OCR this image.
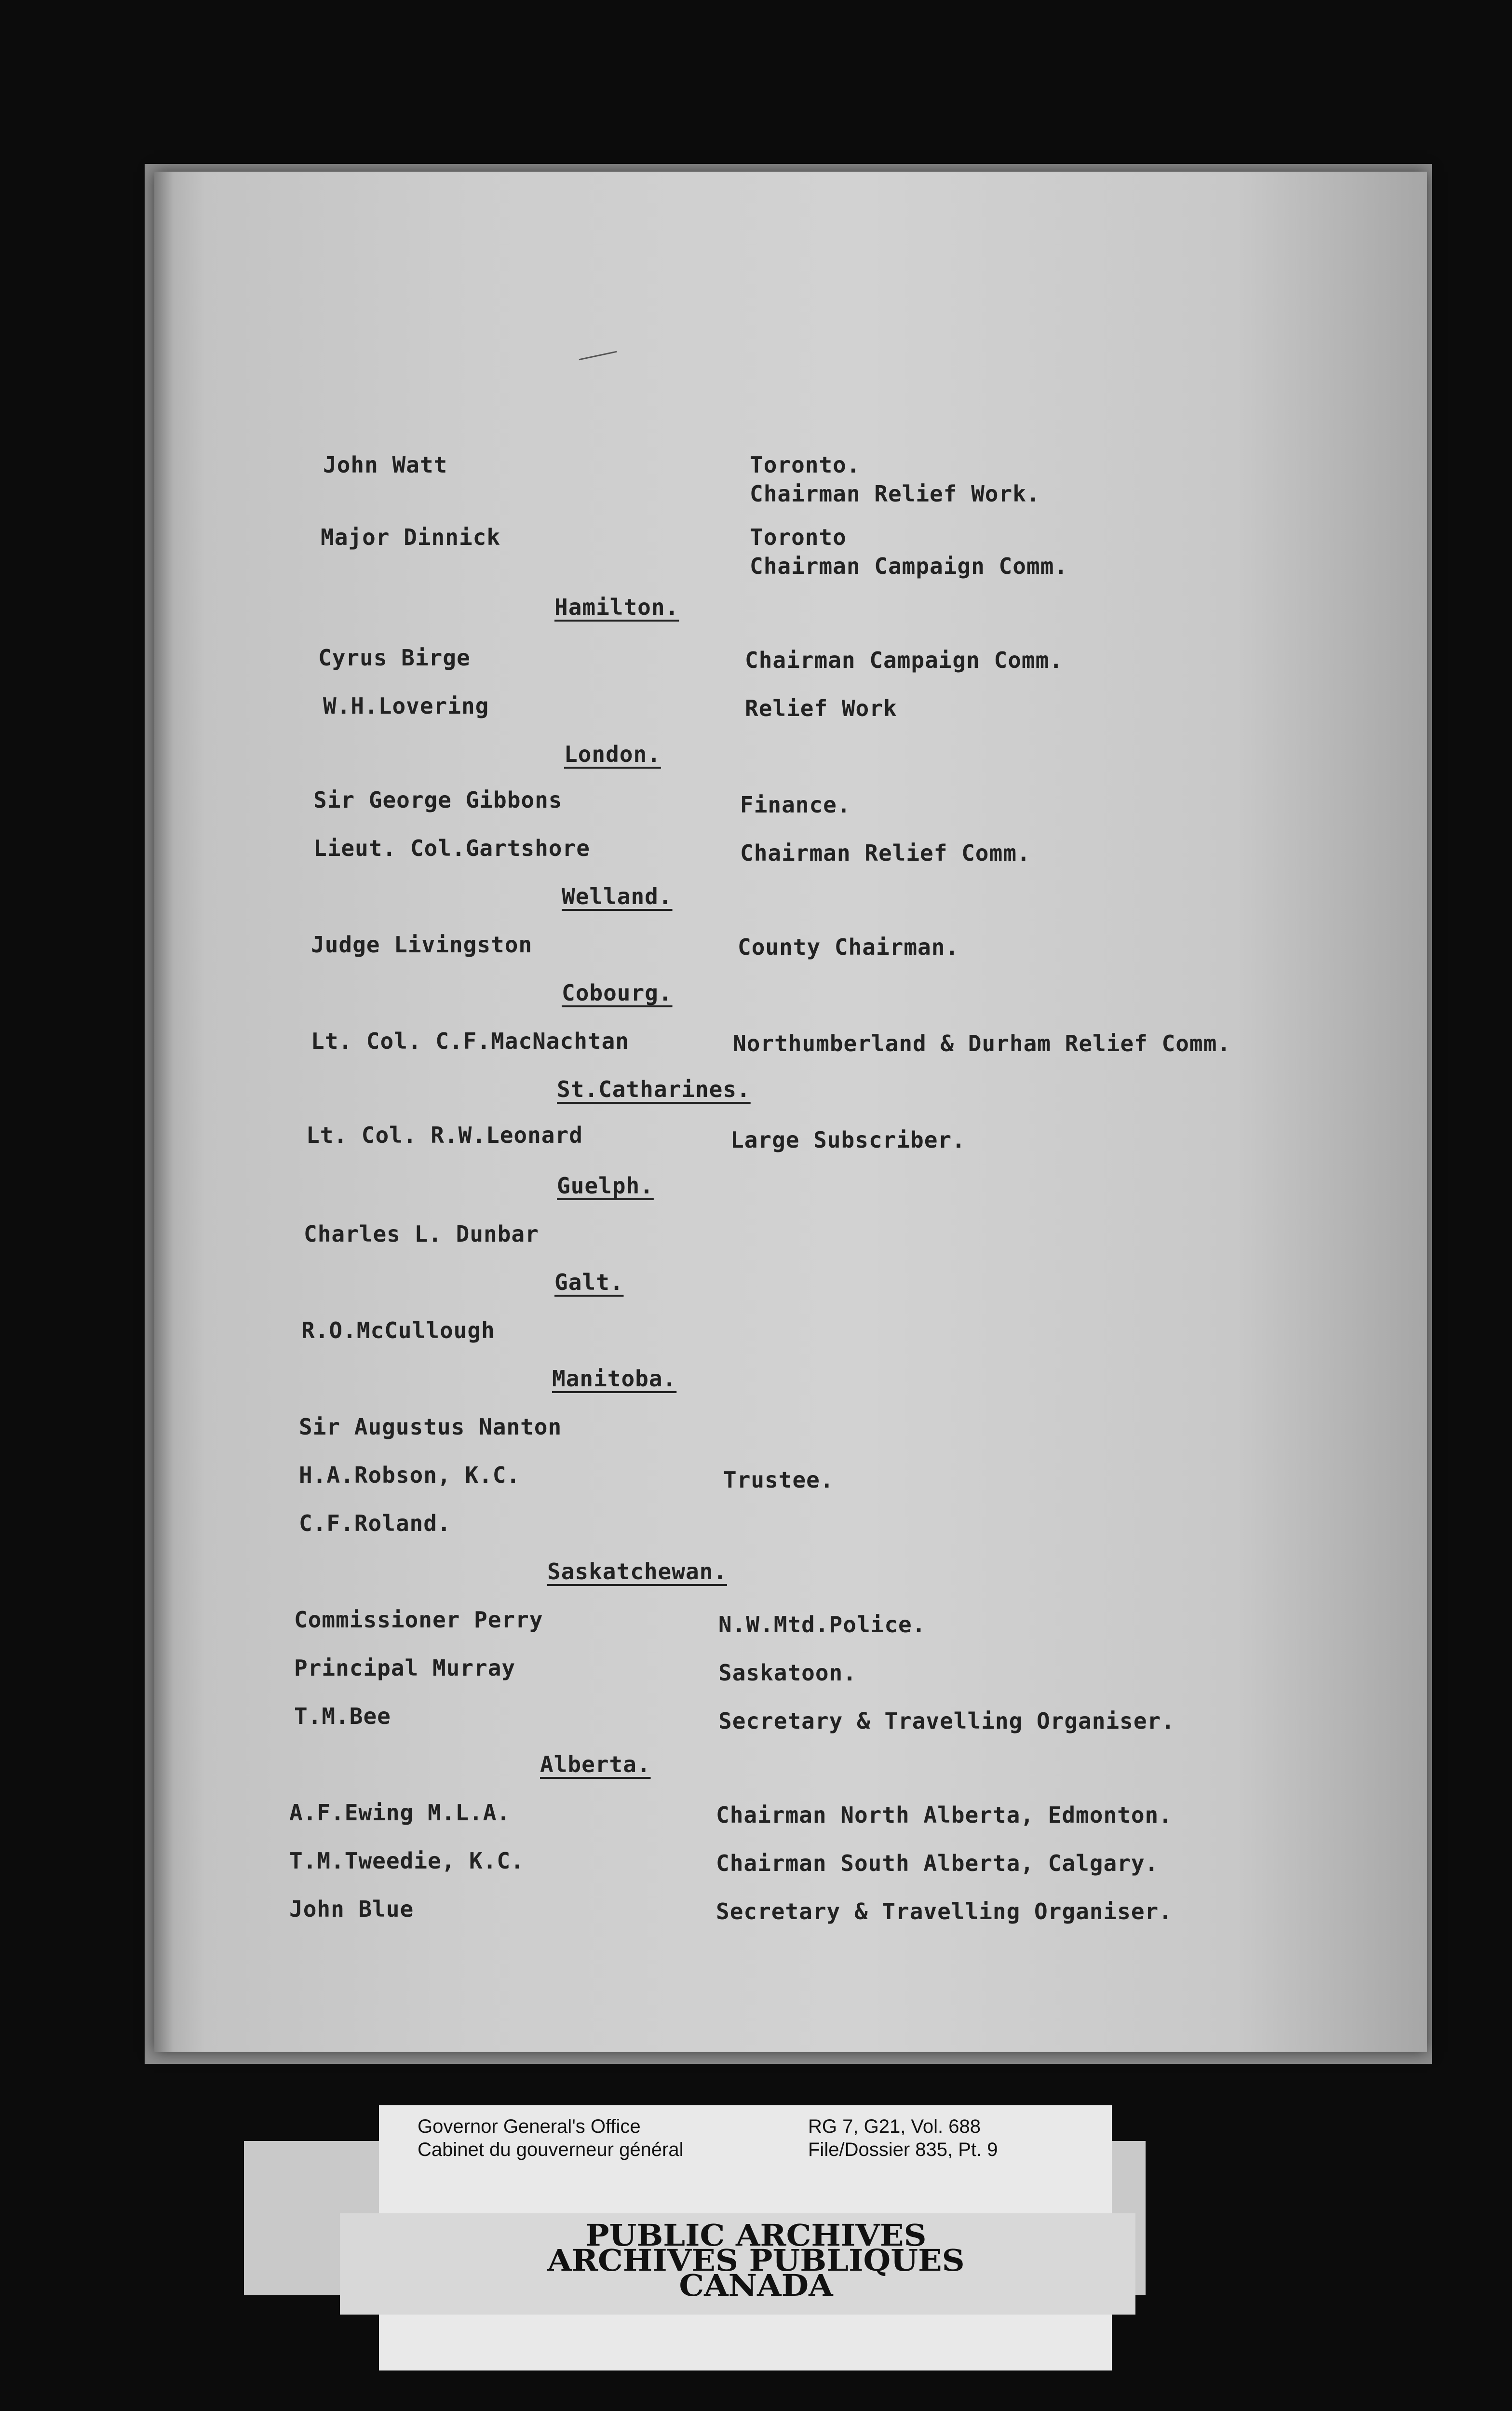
John Watt	Toronto.
Chairman Relief Work.
Major Dinnick	Toronto
Chairman Campaign Comm.
Hamilton.
Cyrus Birge	Chairman Campaign Comm.
W.H.Lovering	Relief Work
London.
Sir George Gibbons	Finance.
Lieut. Col.Gartshore	Chairman Relief Comm.
Welland.
Judge Livingston	County Chairman.
Cobourg.
Lt. Col. C.F.MacNachtan	Northumberland & Durham Relief Comm.
St.Catharines.
Lt. Col. R.W.Leonard	Large Subscriber.
Guelph.
Charles L. Dunbar
Galt.
R.O.McCullough
Manitoba.
Sir Augustus Nanton
H.A.Robson, K.C.	Trustee.
C.F.Roland.
Saskatchewan.
Commissioner Perry	N.W.Mtd.Police.
Principal Murray	Saskatoon.
T.M.Bee	Secretary & Travelling Organiser.
Alberta.
A.F.Ewing M.L.A.	Chairman North Alberta, Edmonton.
T.M.Tweedie, K.C.	Chairman South Alberta, Calgary.
John Blue	Secretary & Travelling Organiser.
Governor General's Office
Cabinet du gouverneur général
RG 7, G21, Vol. 688
File/Dossier 835, Pt. 9
PUBLIC ARCHIVES
ARCHIVES PUBLIQUES
CANADA
